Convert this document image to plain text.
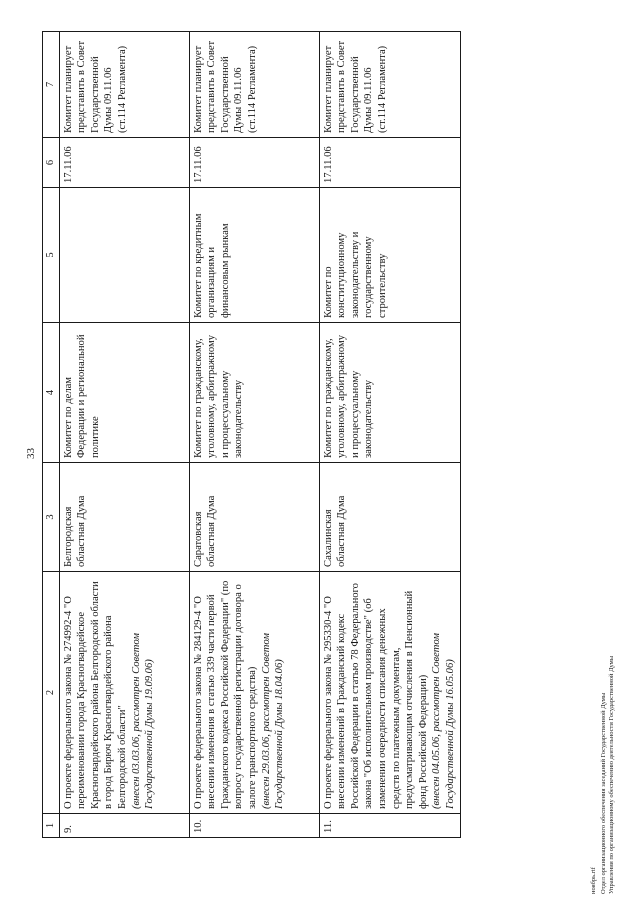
33
1	2	3	4	5	6	7
9.	О проекте федерального закона № 274992-4 "О переименовании города Красногвардейское Красногвардейского района Белгородской области в город Бирюч Красногвардейского района Белгородской области" (внесен 03.03.06, рассмотрен Советом Государственной Думы 19.09.06)	Белгородская областная Дума	Комитет по делам Федерации и региональной политике		17.11.06	Комитет планирует представить в Совет Государственной Думы 09.11.06 (ст.114 Регламента)
10.	О проекте федерального закона № 284129-4 "О внесении изменения в статью 339 части первой Гражданского кодекса Российской Федерации" (по вопросу государственной регистрации договора о залоге транспортного средства) (внесен 29.03.06, рассмотрен Советом Государственной Думы 18.04.06)	Саратовская областная Дума	Комитет по гражданскому, уголовному, арбитражному и процессуальному законодательству	Комитет по кредитным организациям и финансовым рынкам	17.11.06	Комитет планирует представить в Совет Государственной Думы 09.11.06 (ст.114 Регламента)
11.	О проекте федерального закона № 295330-4 "О внесении изменений в Гражданский кодекс Российской Федерации в статью 78 Федерального закона "Об исполнительном производстве" (об изменении очередности списания денежных средств по платежным документам, предусматривающим отчисления в Пенсионный фонд Российской Федерации) (внесен 04.05.06, рассмотрен Советом Государственной Думы 16.05.06)	Сахалинская областная Дума	Комитет по гражданскому, уголовному, арбитражному и процессуальному законодательству	Комитет по конституционному законодательству и государственному строительству	17.11.06	Комитет планирует представить в Совет Государственной Думы 09.11.06 (ст.114 Регламента)
ноябрь.rtf Отдел организационного обеспечения заседаний Государственной Думы Управления по организационному обеспечению деятельности Государственной Думы
